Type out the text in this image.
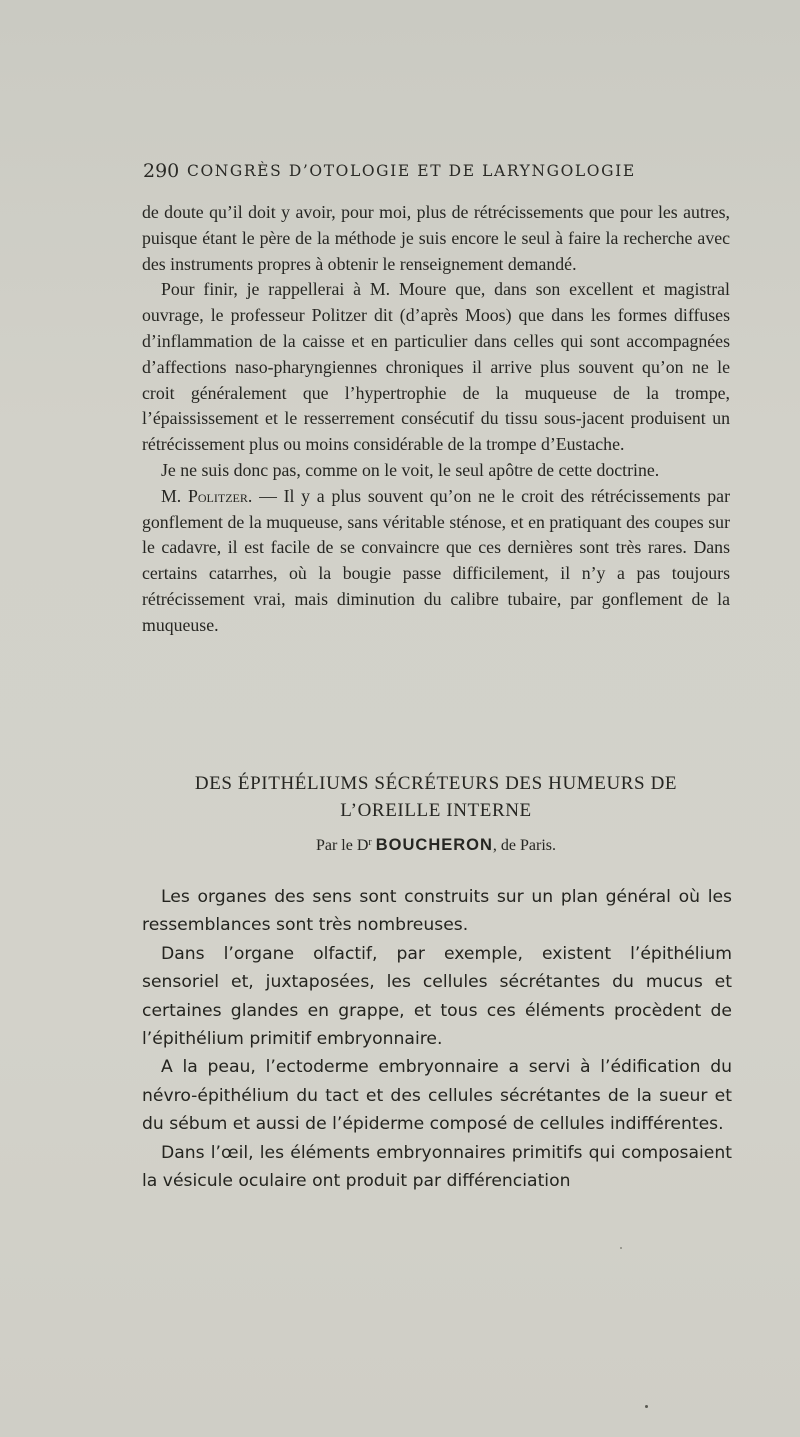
290 CONGRÈS D’OTOLOGIE ET DE LARYNGOLOGIE

de doute qu’il doit y avoir, pour moi, plus de rétrécissements que pour les autres, puisque étant le père de la méthode je suis encore le seul à faire la recherche avec des instruments propres à obtenir le renseignement demandé.

Pour finir, je rappellerai à M. Moure que, dans son excellent et magistral ouvrage, le professeur Politzer dit (d’après Moos) que dans les formes diffuses d’inflammation de la caisse et en particulier dans celles qui sont accompagnées d’affections naso-pharyngiennes chroniques il arrive plus souvent qu’on ne le croit généralement que l’hypertrophie de la muqueuse de la trompe, l’épaississement et le resserrement consécutif du tissu sous-jacent produisent un rétrécissement plus ou moins considérable de la trompe d’Eustache.

Je ne suis donc pas, comme on le voit, le seul apôtre de cette doctrine.

M. Politzer. — Il y a plus souvent qu’on ne le croit des rétrécissements par gonflement de la muqueuse, sans véritable sténose, et en pratiquant des coupes sur le cadavre, il est facile de se convaincre que ces dernières sont très rares. Dans certains catarrhes, où la bougie passe difficilement, il n’y a pas toujours rétrécissement vrai, mais diminution du calibre tubaire, par gonflement de la muqueuse.

DES ÉPITHÉLIUMS SÉCRÉTEURS DES HUMEURS DE
L’OREILLE INTERNE
Par le $D^r$ BOUCHERON, de Paris.

Les organes des sens sont construits sur un plan général où les ressemblances sont très nombreuses.

Dans l’organe olfactif, par exemple, existent l’épithélium sensoriel et, juxtaposées, les cellules sécrétantes du mucus et certaines glandes en grappe, et tous ces éléments procèdent de l’épithélium primitif embryonnaire.

A la peau, l’ectoderme embryonnaire a servi à l’édification du névro-épithélium du tact et des cellules sécrétantes de la sueur et du sébum et aussi de l’épiderme composé de cellules indifférentes.

Dans l’œil, les éléments embryonnaires primitifs qui composaient la vésicule oculaire ont produit par différenciation
